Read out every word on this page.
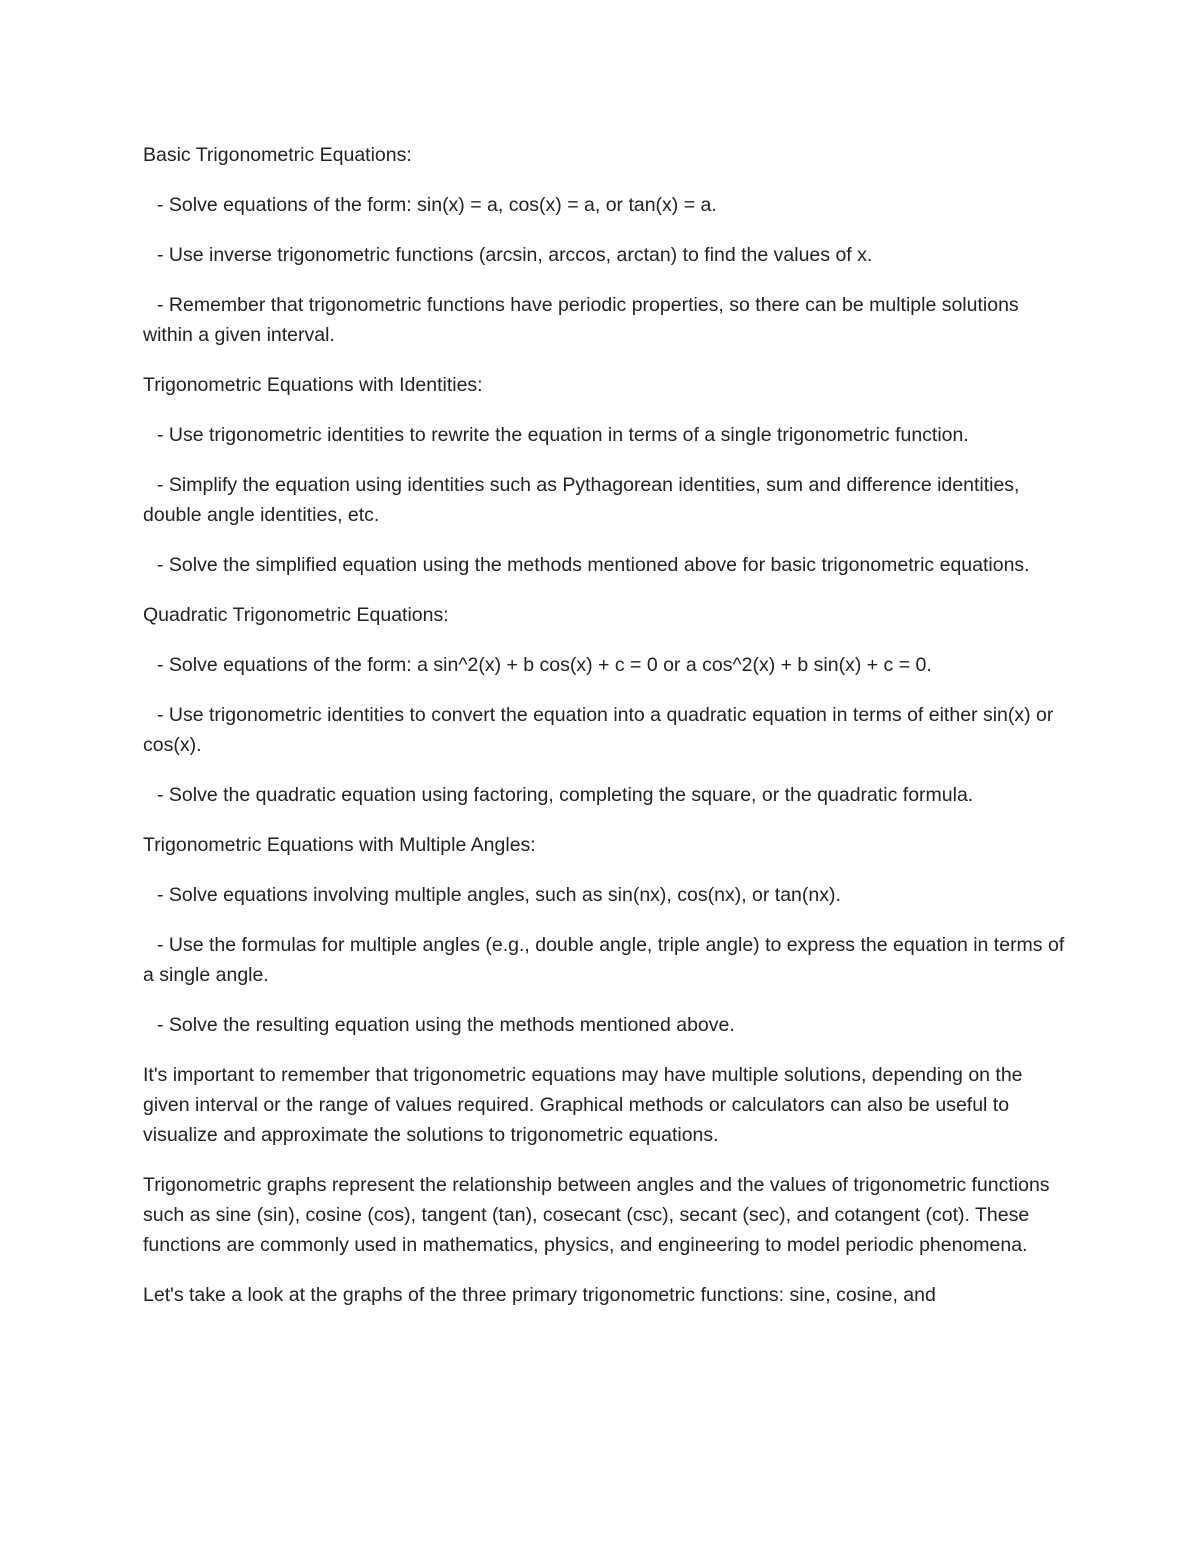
Basic Trigonometric Equations:
- Solve equations of the form: sin(x) = a, cos(x) = a, or tan(x) = a.
- Use inverse trigonometric functions (arcsin, arccos, arctan) to find the values of x.
- Remember that trigonometric functions have periodic properties, so there can be multiple solutions within a given interval.
Trigonometric Equations with Identities:
- Use trigonometric identities to rewrite the equation in terms of a single trigonometric function.
- Simplify the equation using identities such as Pythagorean identities, sum and difference identities, double angle identities, etc.
- Solve the simplified equation using the methods mentioned above for basic trigonometric equations.
Quadratic Trigonometric Equations:
- Solve equations of the form: a sin^2(x) + b cos(x) + c = 0 or a cos^2(x) + b sin(x) + c = 0.
- Use trigonometric identities to convert the equation into a quadratic equation in terms of either sin(x) or cos(x).
- Solve the quadratic equation using factoring, completing the square, or the quadratic formula.
Trigonometric Equations with Multiple Angles:
- Solve equations involving multiple angles, such as sin(nx), cos(nx), or tan(nx).
- Use the formulas for multiple angles (e.g., double angle, triple angle) to express the equation in terms of a single angle.
- Solve the resulting equation using the methods mentioned above.
It's important to remember that trigonometric equations may have multiple solutions, depending on the given interval or the range of values required. Graphical methods or calculators can also be useful to visualize and approximate the solutions to trigonometric equations.
Trigonometric graphs represent the relationship between angles and the values of trigonometric functions such as sine (sin), cosine (cos), tangent (tan), cosecant (csc), secant (sec), and cotangent (cot). These functions are commonly used in mathematics, physics, and engineering to model periodic phenomena.
Let's take a look at the graphs of the three primary trigonometric functions: sine, cosine, and
